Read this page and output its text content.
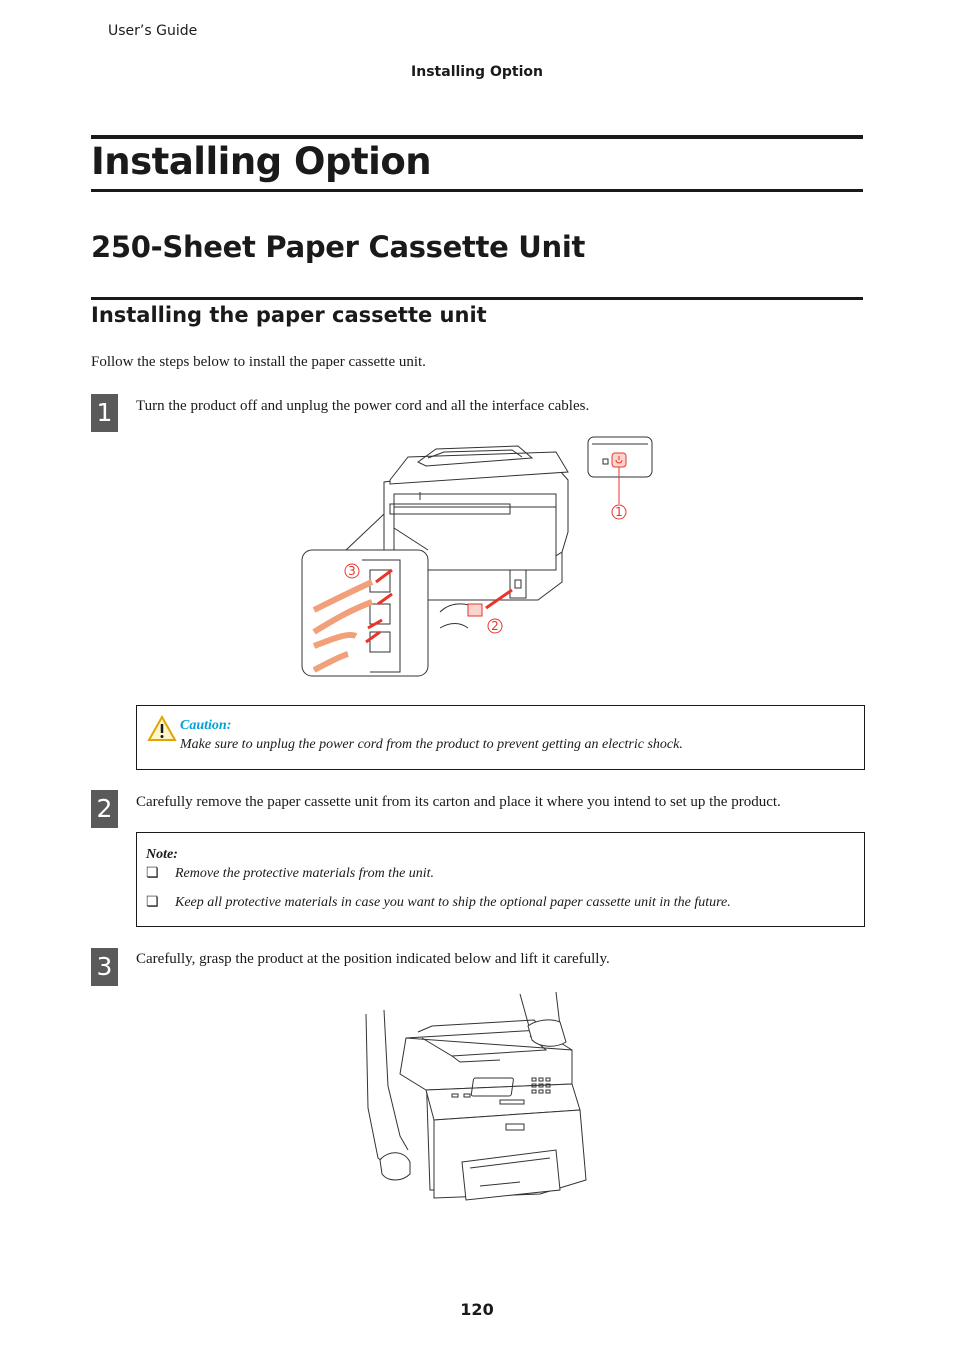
User’s Guide
Installing Option
Installing Option
250-Sheet Paper Cassette Unit
Installing the paper cassette unit
Follow the steps below to install the paper cassette unit.
1	Turn the product off and unplug the power cord and all the interface cables.
1
2
3
Caution:
Make sure to unplug the power cord from the product to prevent getting an electric shock.
2	Carefully remove the paper cassette unit from its carton and place it where you intend to set up the product.
Note:
❏ Remove the protective materials from the unit.
❏ Keep all protective materials in case you want to ship the optional paper cassette unit in the future.
3	Carefully, grasp the product at the position indicated below and lift it carefully.
120
